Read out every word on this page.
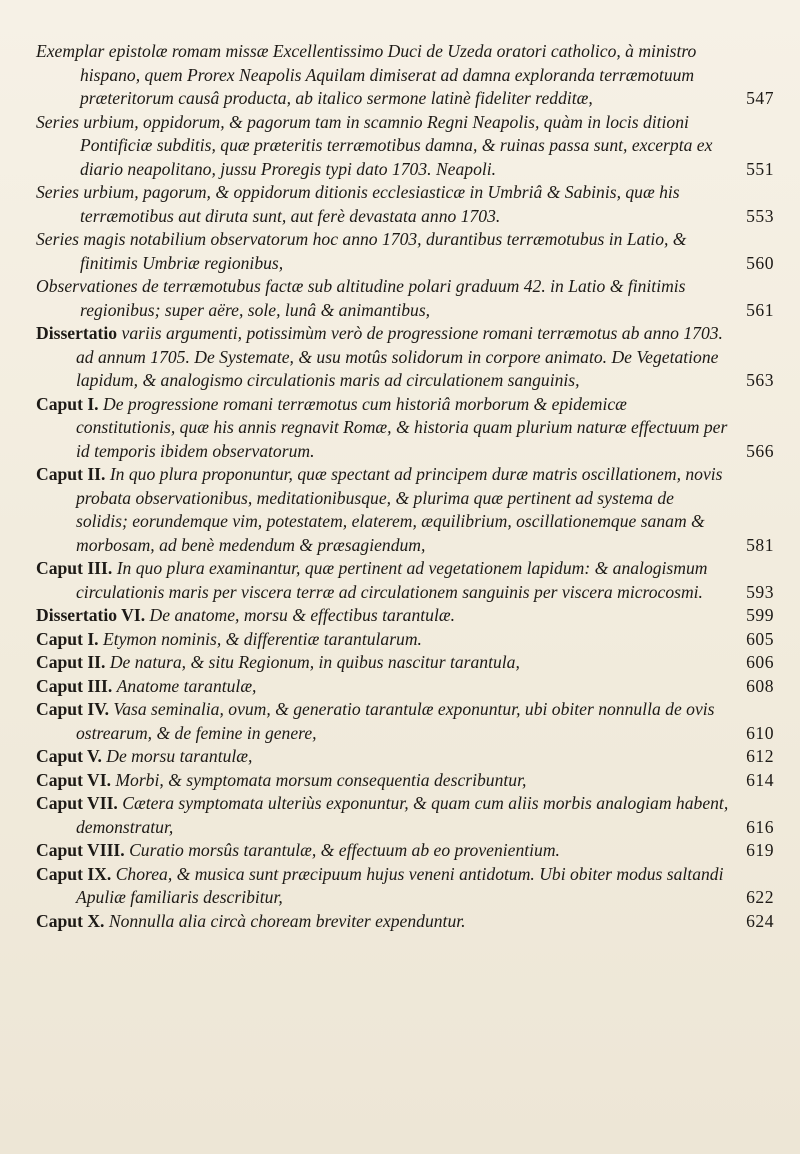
Exemplar epistolæ romam missæ Excellentissimo Duci de Uzeda oratori catholico, à ministro hispano, quem Prorex Neapolis Aquilam dimiserat ad damna exploranda terræmotuum præteritorum causâ producta, ab italico sermone latinè fideliter redditæ,	547
Series urbium, oppidorum, & pagorum tam in scamnio Regni Neapolis, quàm in locis ditioni Pontificiæ subditis, quæ præteritis terræmotibus damna, & ruinas passa sunt, excerpta ex diario neapolitano, jussu Proregis typi dato 1703. Neapoli.	551
Series urbium, pagorum, & oppidorum ditionis ecclesiasticæ in Umbriâ & Sabinis, quæ his terræmotibus aut diruta sunt, aut ferè devastata anno 1703.	553
Series magis notabilium observatorum hoc anno 1703, durantibus terræmotubus in Latio, & finitimis Umbriæ regionibus,	560
Observationes de terræmotubus factæ sub altitudine polari graduum 42. in Latio & finitimis regionibus; super aëre, sole, lunâ & animantibus,	561
Dissertatio variis argumenti, potissimùm verò de progressione romani terræmotus ab anno 1703. ad annum 1705. De Systemate, & usu motûs solidorum in corpore animato. De Vegetatione lapidum, & analogismo circulationis maris ad circulationem sanguinis,	563
Caput I. De progressione romani terræmotus cum historiâ morborum & epidemicæ constitutionis, quæ his annis regnavit Romæ, & historia quam plurium naturæ effectuum per id temporis ibidem observatorum.	566
Caput II. In quo plura proponuntur, quæ spectant ad principem duræ matris oscillationem, novis probata observationibus, meditationibusque, & plurima quæ pertinent ad systema de solidis; eorundemque vim, potestatem, elaterem, æquilibrium, oscillationemque sanam & morbosam, ad benè medendum & præsagiendum,	581
Caput III. In quo plura examinantur, quæ pertinent ad vegetationem lapidum: & analogismum circulationis maris per viscera terræ ad circulationem sanguinis per viscera microcosmi.	593
Dissertatio VI. De anatome, morsu & effectibus tarantulæ.	599
Caput I. Etymon nominis, & differentiæ tarantularum.	605
Caput II. De natura, & situ Regionum, in quibus nascitur tarantula,	606
Caput III. Anatome tarantulæ,	608
Caput IV. Vasa seminalia, ovum, & generatio tarantulæ exponuntur, ubi obiter nonnulla de ovis ostrearum, & de femine in genere,	610
Caput V. De morsu tarantulæ,	612
Caput VI. Morbi, & symptomata morsum consequentia describuntur,	614
Caput VII. Cætera symptomata ulteriùs exponuntur, & quam cum aliis morbis analogiam habent, demonstratur,	616
Caput VIII. Curatio morsûs tarantulæ, & effectuum ab eo provenientium.	619
Caput IX. Chorea, & musica sunt præcipuum hujus veneni antidotum. Ubi obiter modus saltandi Apuliæ familiaris describitur,	622
Caput X. Nonnulla alia circà choream breviter expenduntur.	624
